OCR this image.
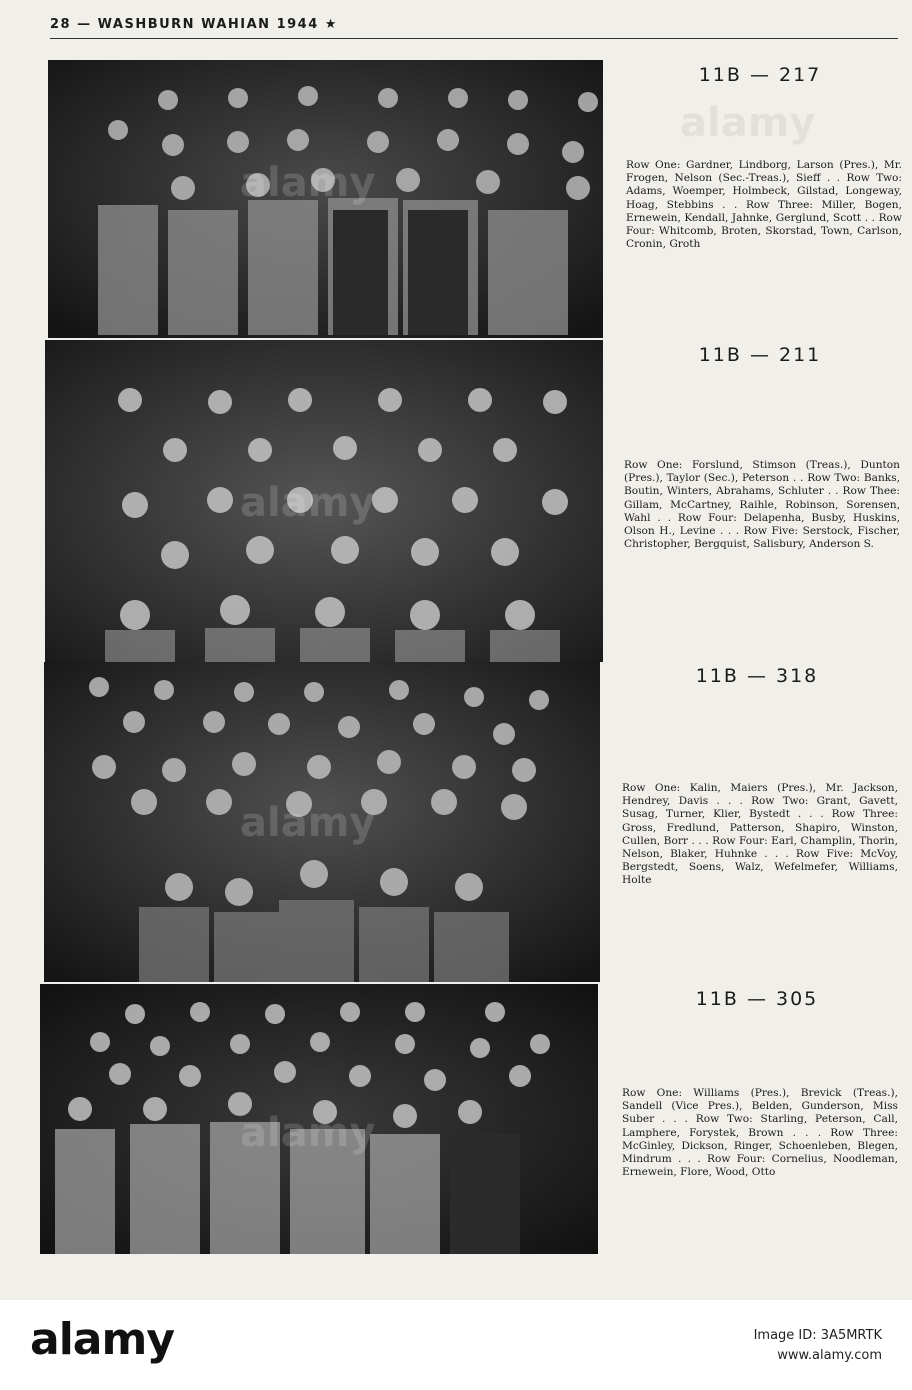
28 — WASHBURN WAHIAN 1944 ★
11B — 217
Row One: Gardner, Lindborg, Larson (Pres.), Mr. Frogen, Nelson (Sec.-Treas.), Sieff . . Row Two: Adams, Woemper, Holmbeck, Gilstad, Longeway, Hoag, Stebbins . . Row Three: Miller, Bogen, Ernewein, Kendall, Jahnke, Gerglund, Scott . . Row Four: Whitcomb, Broten, Skorstad, Town, Carlson, Cronin, Groth
11B — 211
Row One: Forslund, Stimson (Treas.), Dunton (Pres.), Taylor (Sec.), Peterson . . Row Two: Banks, Boutin, Winters, Abrahams, Schluter . . Row Thee: Gillam, McCartney, Raihle, Robinson, Sorensen, Wahl . . Row Four: Delapenha, Busby, Huskins, Olson H., Levine . . . Row Five: Serstock, Fischer, Christopher, Bergquist, Salisbury, Anderson S.
11B — 318
Row One: Kalin, Maiers (Pres.), Mr. Jackson, Hendrey, Davis . . . Row Two: Grant, Gavett, Susag, Turner, Klier, Bystedt . . . Row Three: Gross, Fredlund, Patterson, Shapiro, Winston, Cullen, Borr . . . Row Four: Earl, Champlin, Thorin, Nelson, Blaker, Huhnke . . . Row Five: McVoy, Bergstedt, Soens, Walz, Wefelmefer, Williams, Holte
11B — 305
Row One: Williams (Pres.), Brevick (Treas.), Sandell (Vice Pres.), Belden, Gunderson, Miss Suber . . . Row Two: Starling, Peterson, Call, Lamphere, Forystek, Brown . . . Row Three: McGinley, Dickson, Ringer, Schoenleben, Blegen, Mindrum . . . Row Four: Cornelius, Noodleman, Ernewein, Flore, Wood, Otto
alamy
alamy
alamy
alamy
alamy
alamy	Image ID: 3A5MRTK
www.alamy.com
